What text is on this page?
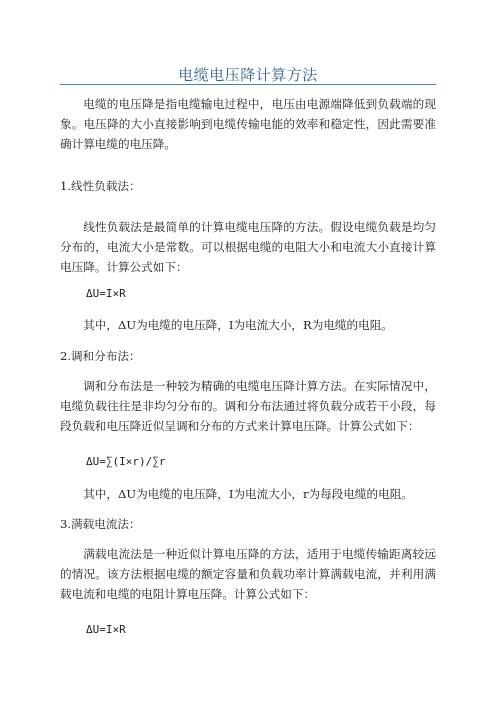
电缆电压降计算方法

电缆的电压降是指电缆输电过程中，电压由电源端降低到负载端的现象。电压降的大小直接影响到电缆传输电能的效率和稳定性，因此需要准确计算电缆的电压降。

1.线性负载法：

线性负载法是最简单的计算电缆电压降的方法。假设电缆负载是均匀分布的，电流大小是常数。可以根据电缆的电阻大小和电流大小直接计算电压降。计算公式如下：

ΔU=I×R

其中，ΔU为电缆的电压降，I为电流大小，R为电缆的电阻。

2.调和分布法：

调和分布法是一种较为精确的电缆电压降计算方法。在实际情况中，电缆负载往往是非均匀分布的。调和分布法通过将负载分成若干小段，每段负载和电压降近似呈调和分布的方式来计算电压降。计算公式如下：

ΔU=∑(I×r)/∑r

其中，ΔU为电缆的电压降，I为电流大小，r为每段电缆的电阻。

3.满载电流法：

满载电流法是一种近似计算电压降的方法，适用于电缆传输距离较远的情况。该方法根据电缆的额定容量和负载功率计算满载电流，并利用满载电流和电缆的电阻计算电压降。计算公式如下：

ΔU=I×R
